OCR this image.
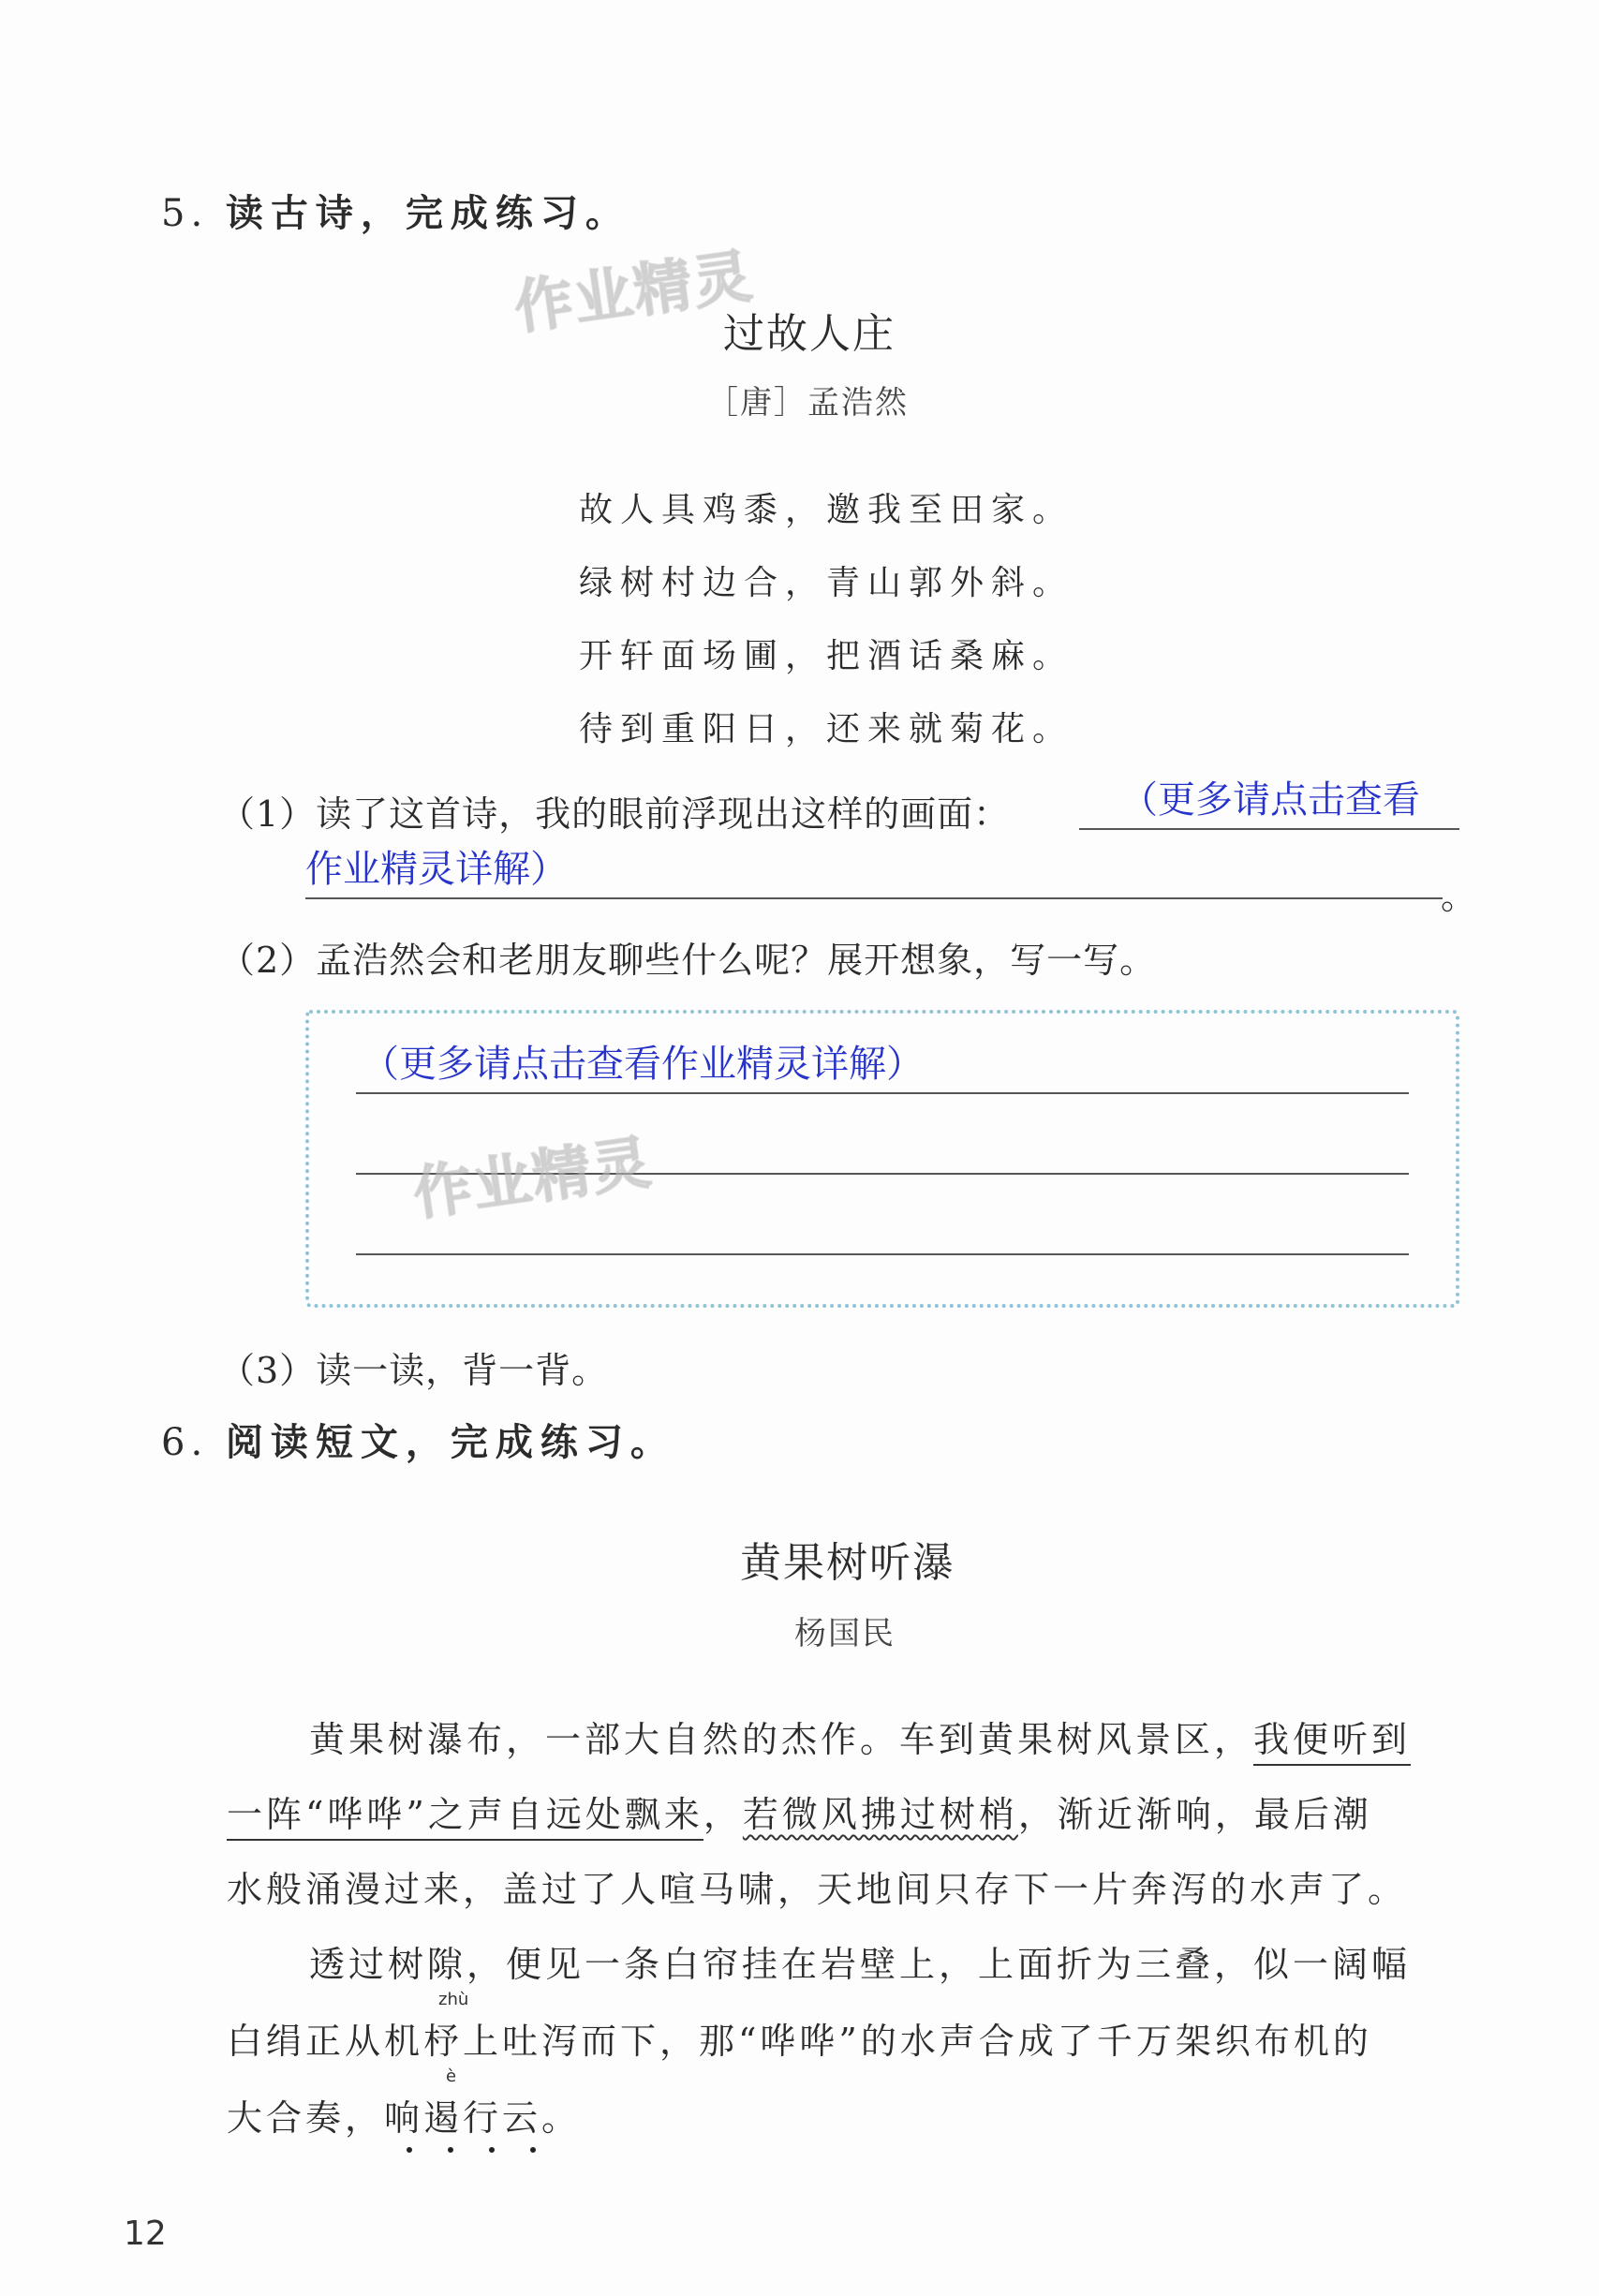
5. 读古诗，完成练习。
作业精灵
过故人庄
［唐］孟浩然
故人具鸡黍，邀我至田家。
绿树村边合，青山郭外斜。
开轩面场圃，把酒话桑麻。
待到重阳日，还来就菊花。
（1）读了这首诗，我的眼前浮现出这样的画面：	（更多请点击查看
作业精灵详解）
。
（2）孟浩然会和老朋友聊些什么呢？展开想象，写一写。
（更多请点击查看作业精灵详解）
作业精灵
（3）读一读，背一背。
6. 阅读短文，完成练习。
黄果树听瀑
杨国民
黄果树瀑布，一部大自然的杰作。车到黄果树风景区，我便听到
一阵“哗哗”之声自远处飘来，若微风拂过树梢，渐近渐响，最后潮
水般涌漫过来，盖过了人喧马啸，天地间只存下一片奔泻的水声了。
透过树隙，便见一条白帘挂在岩壁上，上面折为三叠，似一阔幅
zhù
白绢正从机杼上吐泻而下，那“哗哗”的水声合成了千万架织布机的
è
大合奏，响遏行云。
12
